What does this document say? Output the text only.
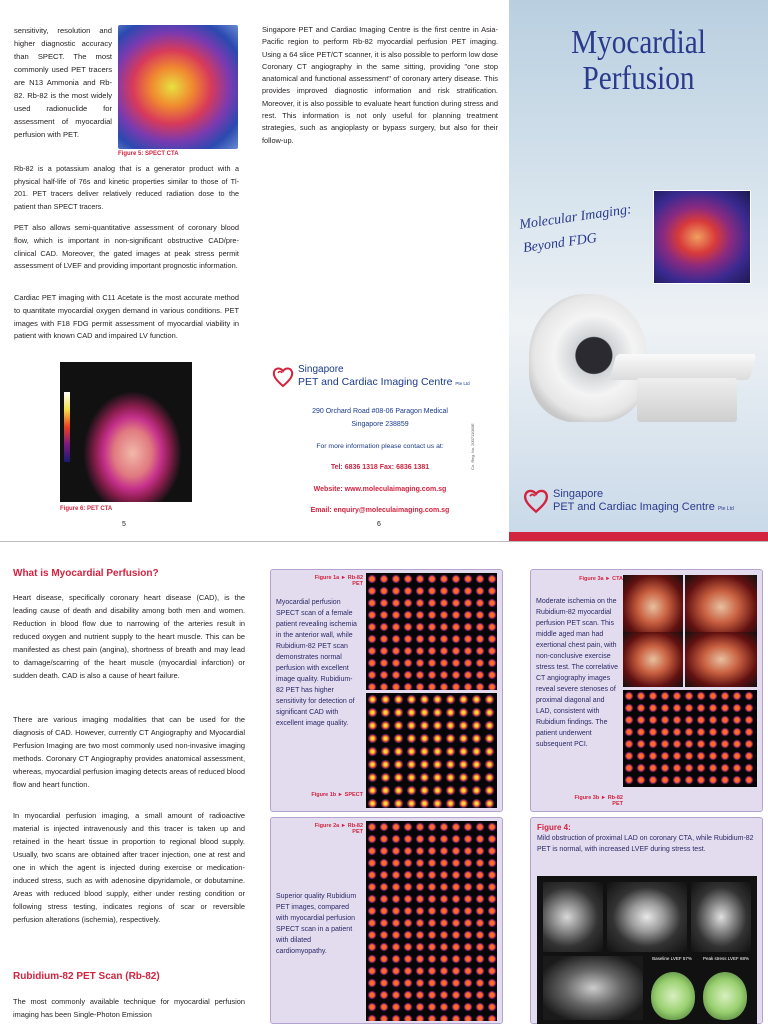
sensitivity, resolution and higher diagnostic accuracy than SPECT. The most commonly used PET tracers are N13 Ammonia and Rb-82. Rb-82 is the most widely used radionuclide for assessment of myocardial perfusion with PET.
Figure 5: SPECT CTA
Rb-82 is a potassium analog that is a generator product with a physical half-life of 76s and kinetic properties similar to those of Tl-201. PET tracers deliver relatively reduced radiation dose to the patient than SPECT tracers.
PET also allows semi-quantitative assessment of coronary blood flow, which is important in non-significant obstructive CAD/pre-clinical CAD. Moreover, the gated images at peak stress permit assessment of LVEF and providing important prognostic information.
Cardiac PET imaging with C11 Acetate is the most accurate method to quantitate myocardial oxygen demand in various conditions. PET images with F18 FDG permit assessment of myocardial viability in patient with known CAD and impaired LV function.
Figure 6: PET CTA
5
Singapore PET and Cardiac Imaging Centre is the first centre in Asia-Pacific region to perform Rb-82 myocardial perfusion PET imaging. Using a 64 slice PET/CT scanner, it is also possible to perform low dose Coronary CT angiography in the same sitting, providing "one stop anatomical and functional assessment" of coronary artery disease. This provides improved diagnostic information and risk stratification. Moreover, it is also possible to evaluate heart function during stress and rest. This information is not only useful for planning treatment strategies, such as angioplasty or bypass surgery, but also for their follow-up.
Singapore
PET and Cardiac Imaging Centre Pte Ltd
290 Orchard Road #08-06 Paragon Medical
Singapore 238859
For more information please contact us at:
Tel: 6836 1318 Fax: 6836 1381
Website: www.moleculaimaging.com.sg
Email: enquiry@moleculaimaging.com.sg
Co. Reg. No. 200711083E
6
Myocardial
Perfusion
Molecular Imaging:
Beyond FDG
Singapore
PET and Cardiac Imaging Centre Pte Ltd
What is Myocardial Perfusion?
Heart disease, specifically coronary heart disease (CAD), is the leading cause of death and disability among both men and women. Reduction in blood flow due to narrowing of the arteries result in reduced oxygen and nutrient supply to the heart muscle. This can be manifested as chest pain (angina), shortness of breath and may lead to damage/scarring of the heart muscle (myocardial infarction) or sudden death. CAD is also a cause of heart failure.
There are various imaging modalities that can be used for the diagnosis of CAD. However, currently CT Angiography and Myocardial Perfusion Imaging are two most commonly used non-invasive imaging methods. Coronary CT Angiography provides anatomical assessment, whereas, myocardial perfusion imaging detects areas of reduced blood flow and heart function.
In myocardial perfusion imaging, a small amount of radioactive material is injected intravenously and this tracer is taken up and retained in the heart tissue in proportion to regional blood supply. Usually, two scans are obtained after tracer injection, one at rest and one in which the agent is injected during exercise or medication-induced stress, such as with adenosine dipyridamole, or dobutamine. Areas with reduced blood supply, either under resting condition or following stress testing, indicates regions of scar or reversible perfusion alterations (ischemia), respectively.
Rubidium-82 PET Scan (Rb-82)
The most commonly available technique for myocardial perfusion imaging has been Single-Photon Emission
Figure 1a ► Rb-82 PET
Myocardial perfusion SPECT scan of a female patient revealing ischemia in the anterior wall, while Rubidium-82 PET scan demonstrates normal perfusion with excellent image quality. Rubidium-82 PET has higher sensitivity for detection of significant CAD with excellent image quality.
Figure 1b ► SPECT
Figure 2a ► Rb-82 PET
Superior quality Rubidium PET images, compared with myocardial perfusion SPECT scan in a patient with dilated cardiomyopathy.
Figure 3a ► CTA
Moderate ischemia on the Rubidium-82 myocardial perfusion PET scan. This middle aged man had exertional chest pain, with non-conclusive exercise stress test. The correlative CT angiography images reveal severe stenoses of proximal diagonal and LAD, consistent with Rubidium findings. The patient underwent subsequent PCI.
Figure 3b ► Rb-82 PET
Figure 4:
Mild obstruction of proximal LAD on coronary CTA, while Rubidium-82 PET is normal, with increased LVEF during stress test.
Baseline LVEF 57%	Peak stress LVEF 68%
